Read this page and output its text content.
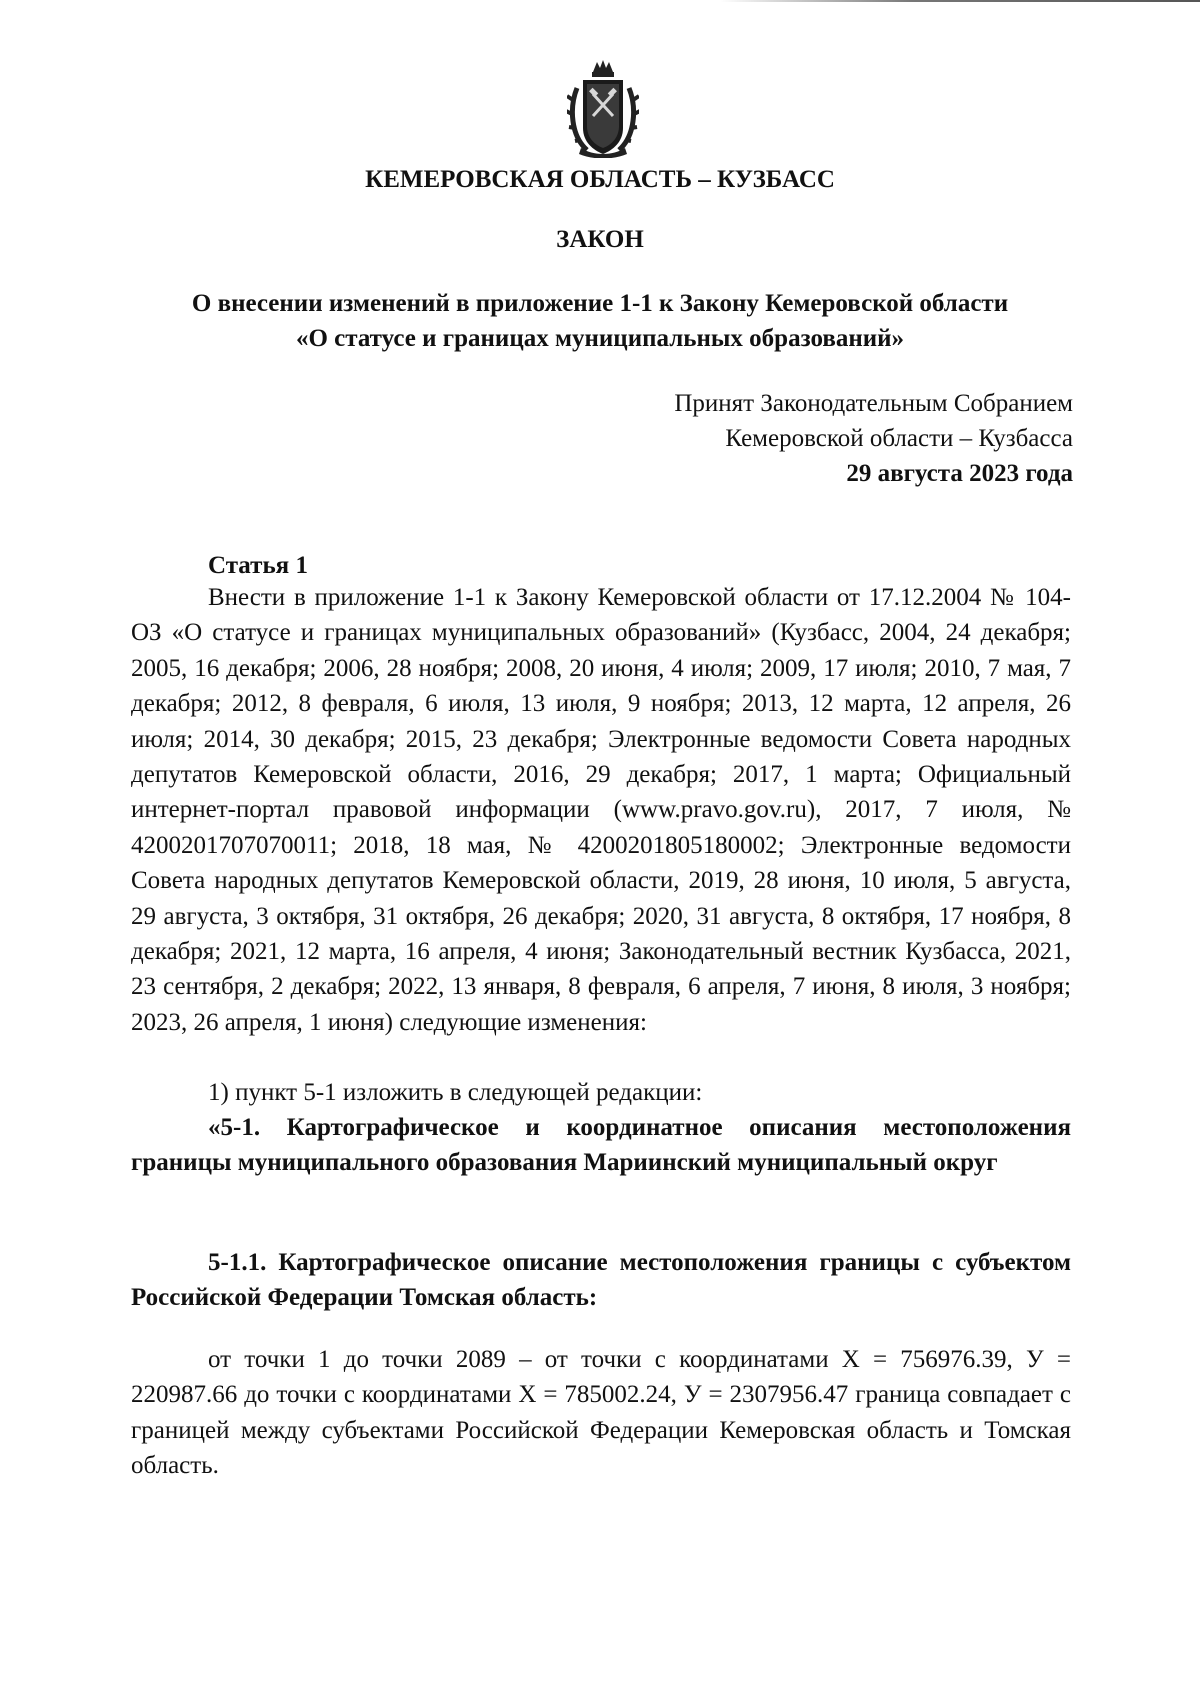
КЕМЕРОВСКАЯ ОБЛАСТЬ – КУЗБАСС
ЗАКОН
О внесении изменений в приложение 1-1 к Закону Кемеровской области
«О статусе и границах муниципальных образований»
Принят Законодательным Собранием
Кемеровской области – Кузбасса
29 августа 2023 года
Статья 1

Внести в приложение 1-1 к Закону Кемеровской области от 17.12.2004 № 104-ОЗ «О статусе и границах муниципальных образований» (Кузбасс, 2004, 24 декабря; 2005, 16 декабря; 2006, 28 ноября; 2008, 20 июня, 4 июля; 2009, 17 июля; 2010, 7 мая, 7 декабря; 2012, 8 февраля, 6 июля, 13 июля, 9 ноября; 2013, 12 марта, 12 апреля, 26 июля; 2014, 30 декабря; 2015, 23 декабря; Электронные ведомости Совета народных депутатов Кемеровской области, 2016, 29 декабря; 2017, 1 марта; Официальный интернет-портал правовой информации (www.pravo.gov.ru), 2017, 7 июля, № 4200201707070011; 2018, 18 мая, № 4200201805180002; Электронные ведомости Совета народных депутатов Кемеровской области, 2019, 28 июня, 10 июля, 5 августа, 29 августа, 3 октября, 31 октября, 26 декабря; 2020, 31 августа, 8 октября, 17 ноября, 8 декабря; 2021, 12 марта, 16 апреля, 4 июня; Законодательный вестник Кузбасса, 2021, 23 сентября, 2 декабря; 2022, 13 января, 8 февраля, 6 апреля, 7 июня, 8 июля, 3 ноября; 2023, 26 апреля, 1 июня) следующие изменения:

1) пункт 5-1 изложить в следующей редакции:

«5-1. Картографическое и координатное описания местоположения границы муниципального образования Мариинский муниципальный округ

5-1.1. Картографическое описание местоположения границы с субъектом Российской Федерации Томская область:

от точки 1 до точки 2089 – от точки с координатами Х = 756976.39, У = 220987.66 до точки с координатами Х = 785002.24, У = 2307956.47 граница совпадает с границей между субъектами Российской Федерации Кемеровская область и Томская область.
